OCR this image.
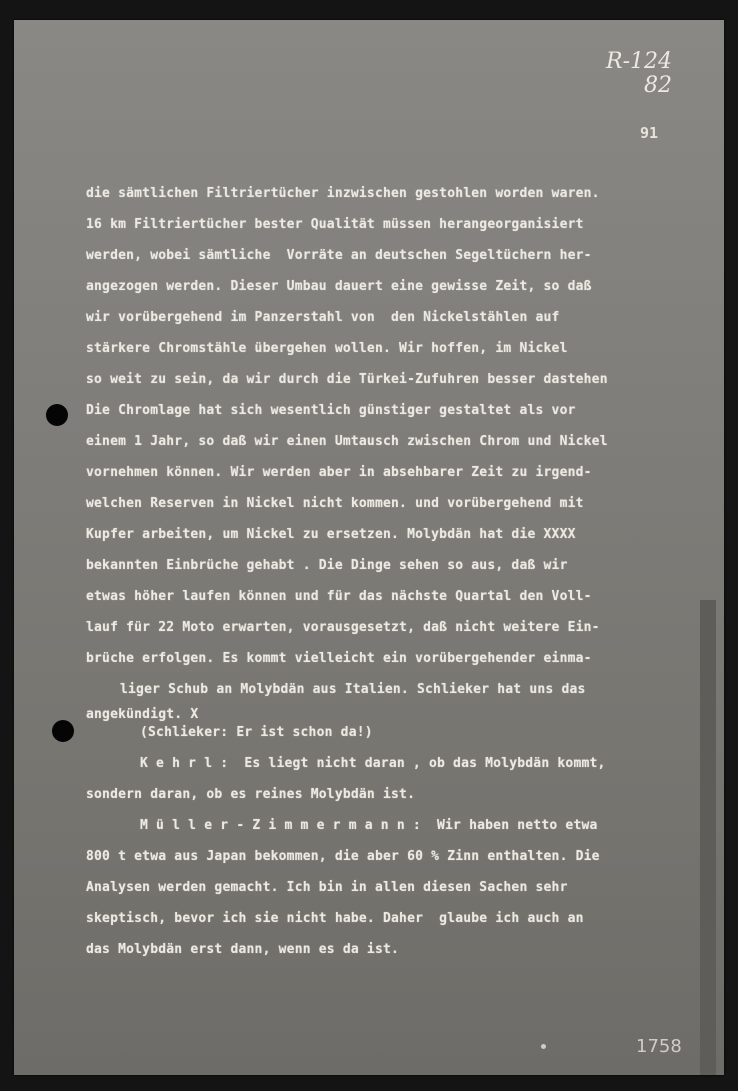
R-124

82
91
die sämtlichen Filtriertücher inzwischen gestohlen worden waren.
16 km Filtriertücher bester Qualität müssen herangeorganisiert
werden, wobei sämtliche  Vorräte an deutschen Segeltüchern her-
angezogen werden. Dieser Umbau dauert eine gewisse Zeit, so daß
wir vorübergehend im Panzerstahl von  den Nickelstählen auf
stärkere Chromstähle übergehen wollen. Wir hoffen, im Nickel
so weit zu sein, da wir durch die Türkei-Zufuhren besser dastehen
Die Chromlage hat sich wesentlich günstiger gestaltet als vor
einem 1 Jahr, so daß wir einen Umtausch zwischen Chrom und Nickel
vornehmen können. Wir werden aber in absehbarer Zeit zu irgend-
welchen Reserven in Nickel nicht kommen. und vorübergehend mit
Kupfer arbeiten, um Nickel zu ersetzen. Molybdän hat die XXXX
bekannten Einbrüche gehabt . Die Dinge sehen so aus, daß wir
etwas höher laufen können und für das nächste Quartal den Voll-
lauf für 22 Moto erwarten, vorausgesetzt, daß nicht weitere Ein-
brüche erfolgen. Es kommt vielleicht ein vorübergehender einma-
liger Schub an Molybdän aus Italien. Schlieker hat uns das
angekündigt. X
(Schlieker: Er ist schon da!)
K e h r l :  Es liegt nicht daran , ob das Molybdän kommt,
sondern daran, ob es reines Molybdän ist.
M ü l l e r - Z i m m e r m a n n :  Wir haben netto etwa
800 t etwa aus Japan bekommen, die aber 60 % Zinn enthalten. Die
Analysen werden gemacht. Ich bin in allen diesen Sachen sehr
skeptisch, bevor ich sie nicht habe. Daher  glaube ich auch an
das Molybdän erst dann, wenn es da ist.
1758
